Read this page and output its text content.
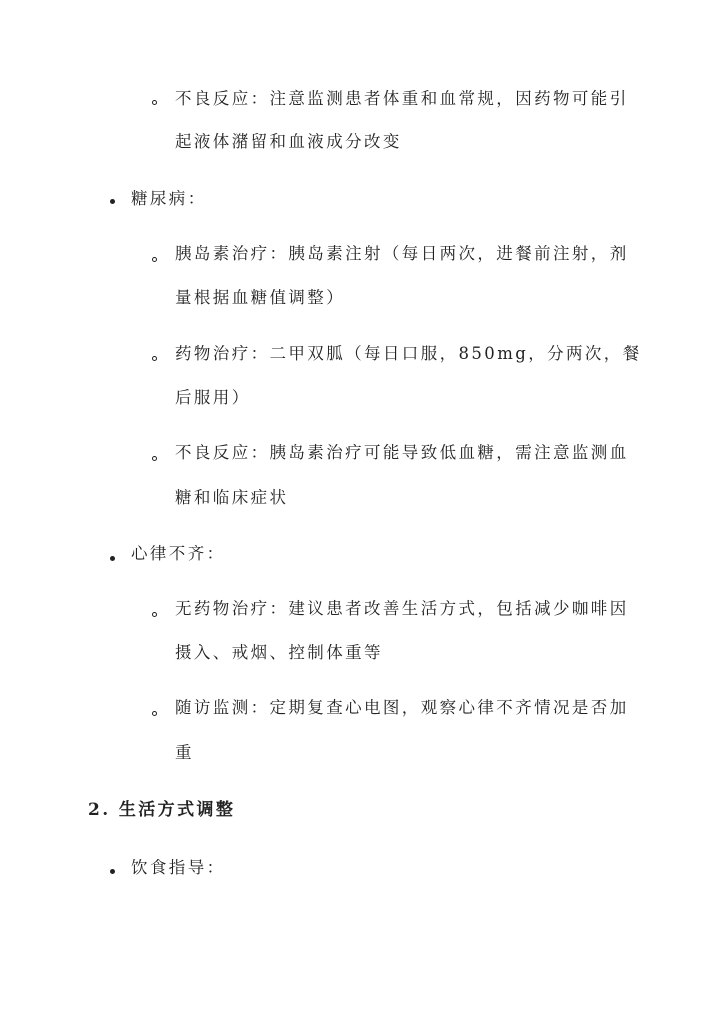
不良反应：注意监测患者体重和血常规，因药物可能引
起液体潴留和血液成分改变
糖尿病：
胰岛素治疗：胰岛素注射（每日两次，进餐前注射，剂
量根据血糖值调整）
药物治疗：二甲双胍（每日口服，850mg，分两次，餐
后服用）
不良反应：胰岛素治疗可能导致低血糖，需注意监测血
糖和临床症状
心律不齐：
无药物治疗：建议患者改善生活方式，包括减少咖啡因
摄入、戒烟、控制体重等
随访监测：定期复查心电图，观察心律不齐情况是否加
重
2. 生活方式调整
饮食指导：
